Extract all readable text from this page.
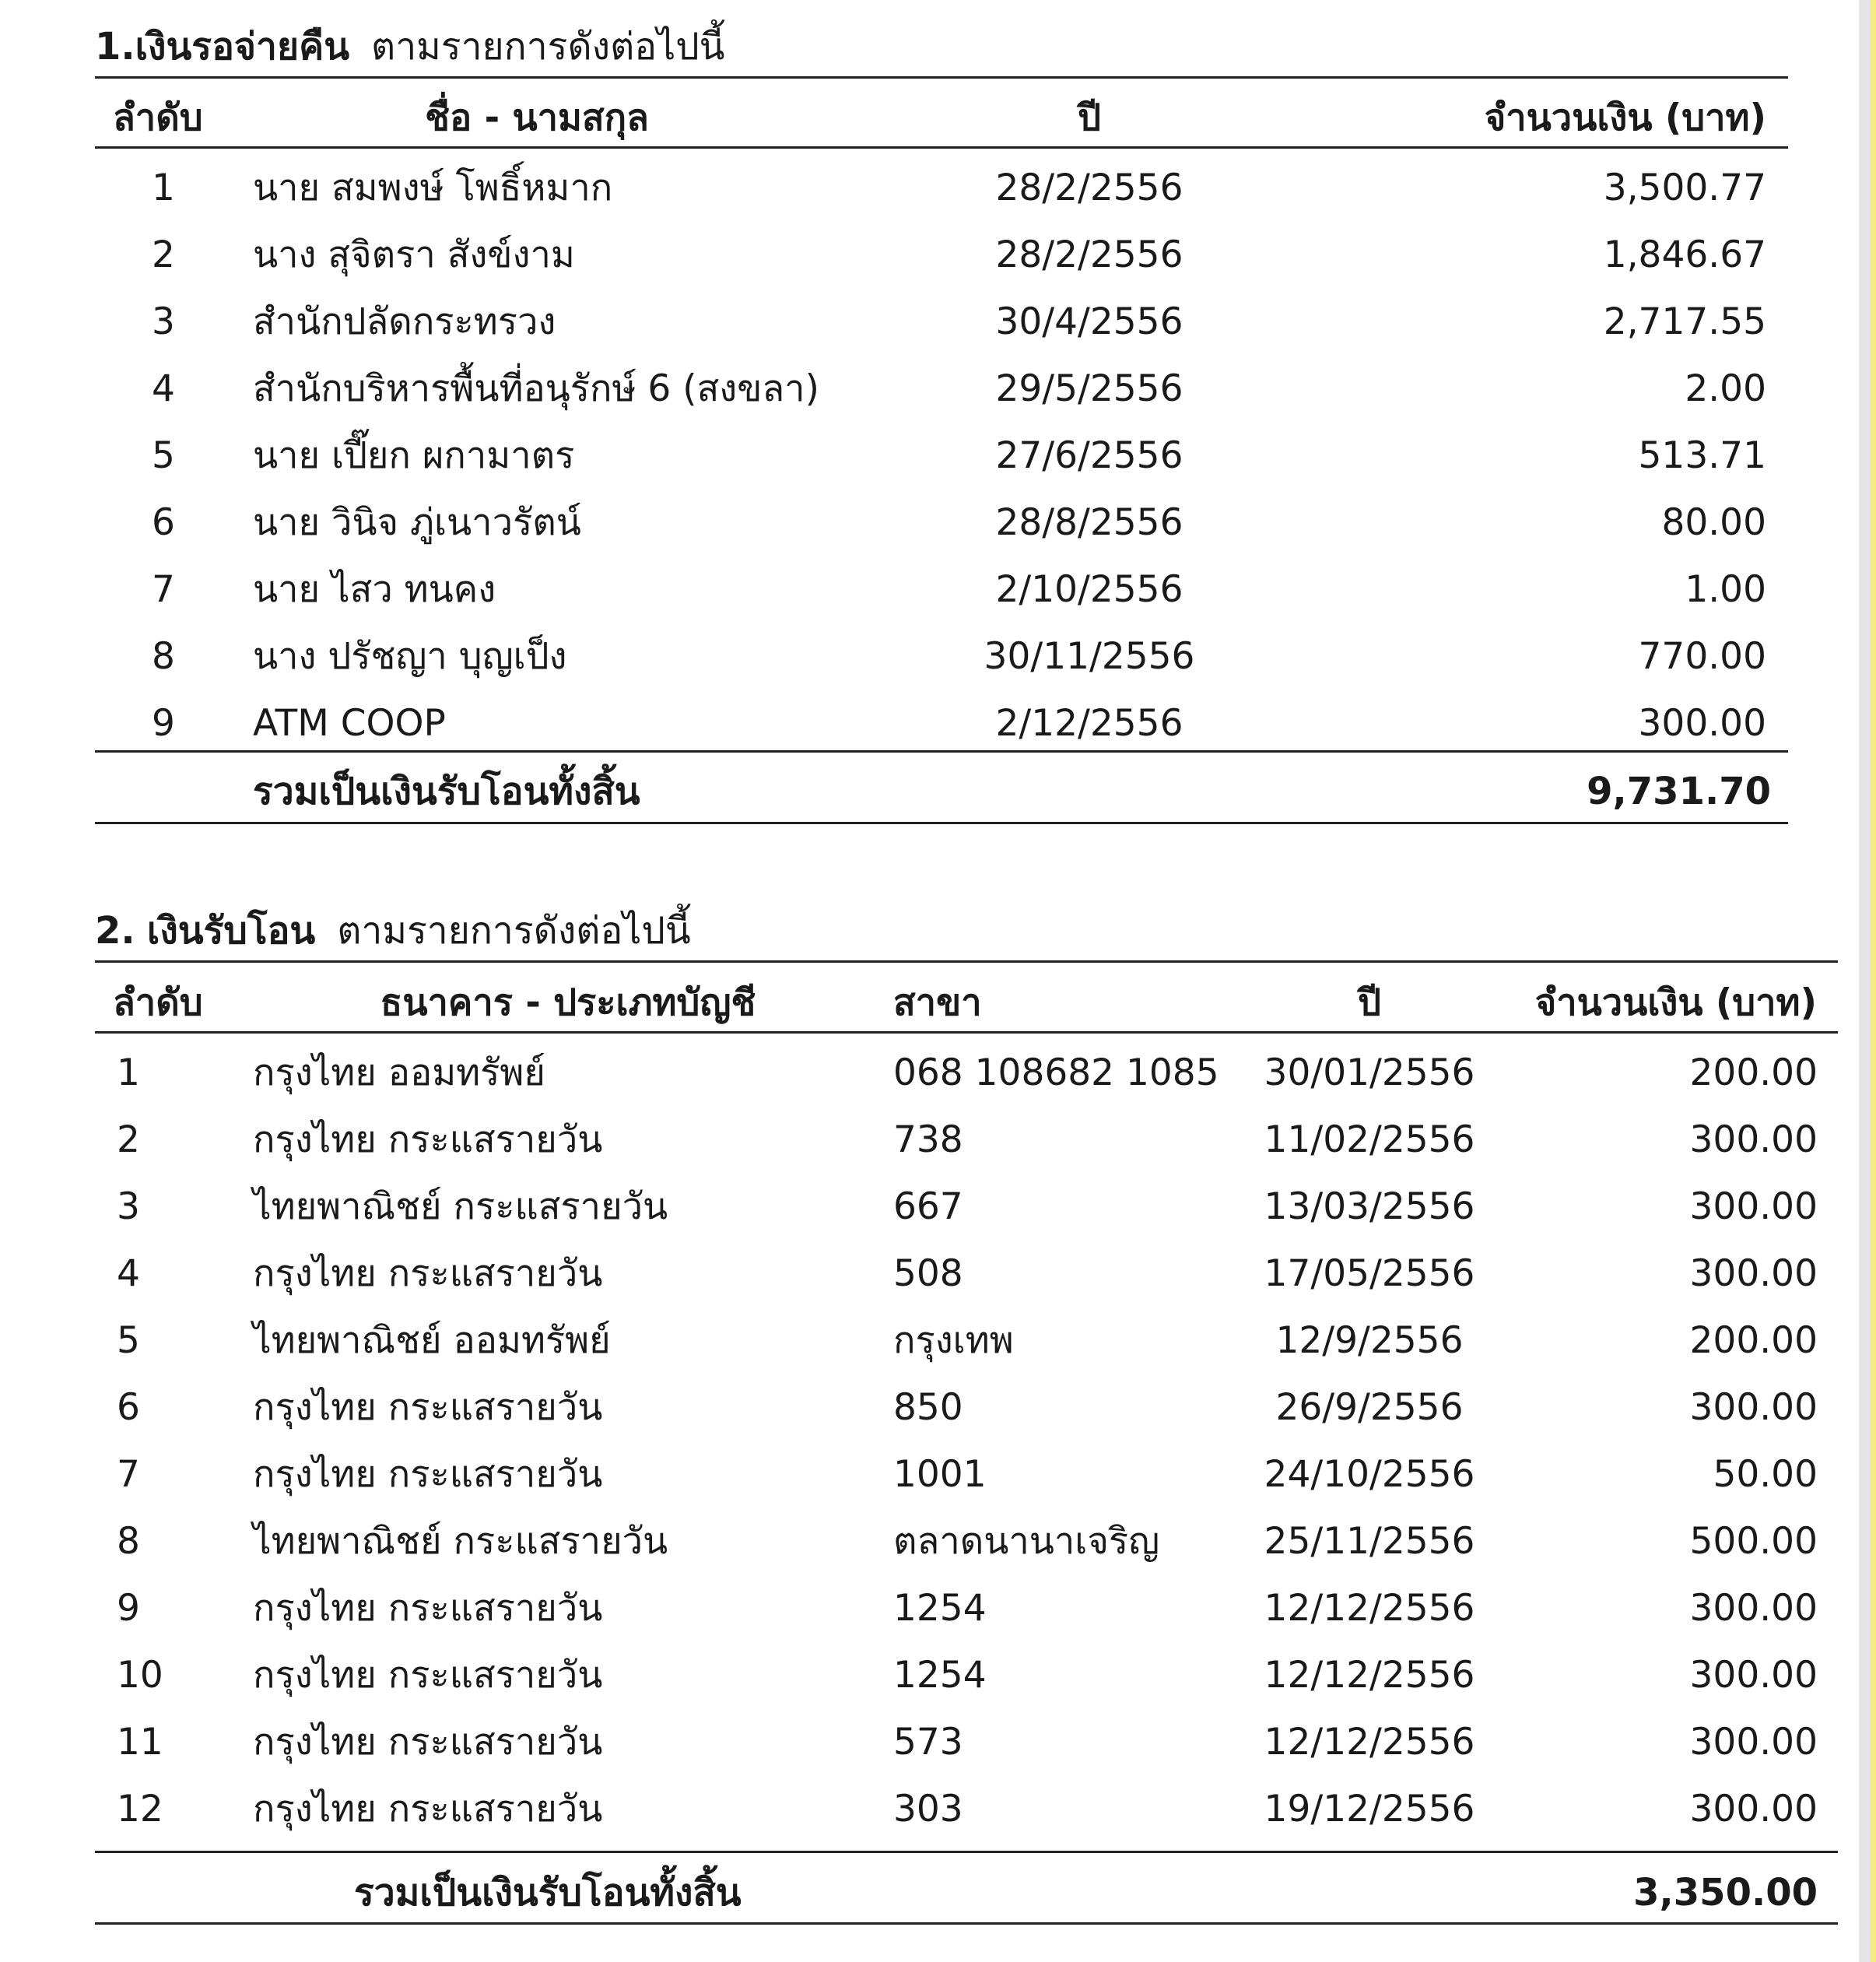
1.เงินรอจ่ายคืน ตามรายการดังต่อไปนี้
ลำดับ	ชื่อ - นามสกุล	ปี	จำนวนเงิน (บาท)
1	นาย สมพงษ์ โพธิ์หมาก	28/2/2556	3,500.77
2	นาง สุจิตรา สังข์งาม	28/2/2556	1,846.67
3	สำนักปลัดกระทรวง	30/4/2556	2,717.55
4	สำนักบริหารพื้นที่อนุรักษ์ 6 (สงขลา)	29/5/2556	2.00
5	นาย เปี๊ยก ผกามาตร	27/6/2556	513.71
6	นาย วินิจ ภู่เนาวรัตน์	28/8/2556	80.00
7	นาย ไสว ทนคง	2/10/2556	1.00
8	นาง ปรัชญา บุญเป็ง	30/11/2556	770.00
9	ATM COOP	2/12/2556	300.00
รวมเป็นเงินรับโอนทั้งสิ้น	9,731.70
2. เงินรับโอน ตามรายการดังต่อไปนี้
ลำดับ	ธนาคาร - ประเภทบัญชี	สาขา	ปี	จำนวนเงิน (บาท)
1	กรุงไทย ออมทรัพย์	068 108682 1085	30/01/2556	200.00
2	กรุงไทย กระแสรายวัน	738	11/02/2556	300.00
3	ไทยพาณิชย์ กระแสรายวัน	667	13/03/2556	300.00
4	กรุงไทย กระแสรายวัน	508	17/05/2556	300.00
5	ไทยพาณิชย์ ออมทรัพย์	กรุงเทพ	12/9/2556	200.00
6	กรุงไทย กระแสรายวัน	850	26/9/2556	300.00
7	กรุงไทย กระแสรายวัน	1001	24/10/2556	50.00
8	ไทยพาณิชย์ กระแสรายวัน	ตลาดนานาเจริญ	25/11/2556	500.00
9	กรุงไทย กระแสรายวัน	1254	12/12/2556	300.00
10 กรุงไทย กระแสรายวัน	1254	12/12/2556	300.00
11 กรุงไทย กระแสรายวัน	573	12/12/2556	300.00
12 กรุงไทย กระแสรายวัน	303	19/12/2556	300.00
รวมเป็นเงินรับโอนทั้งสิ้น	3,350.00
